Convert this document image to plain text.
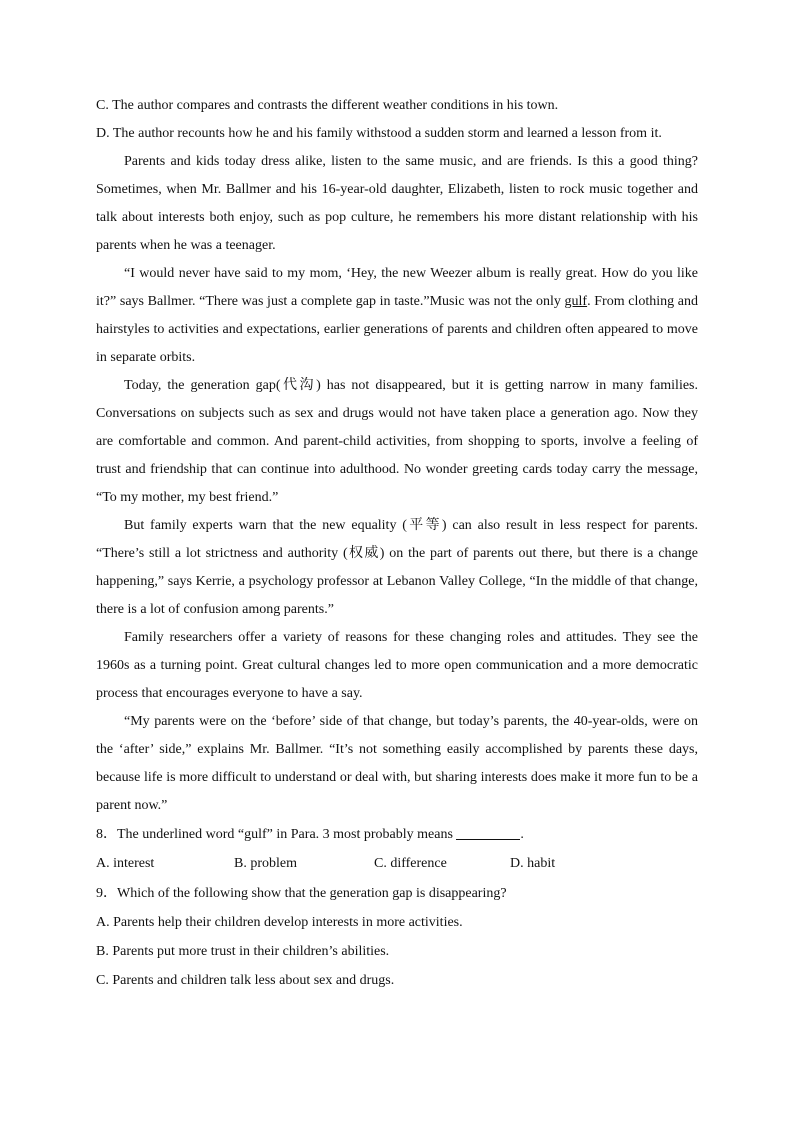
C. The author compares and contrasts the different weather conditions in his town.

D. The author recounts how he and his family withstood a sudden storm and learned a lesson from it.

Parents and kids today dress alike, listen to the same music, and are friends. Is this a good thing? Sometimes, when Mr. Ballmer and his 16-year-old daughter, Elizabeth, listen to rock music together and talk about interests both enjoy, such as pop culture, he remembers his more distant relationship with his parents when he was a teenager.

“I would never have said to my mom, ‘Hey, the new Weezer album is really great. How do you like it?” says Ballmer. “There was just a complete gap in taste.”Music was not the only gulf. From clothing and hairstyles to activities and expectations, earlier generations of parents and children often appeared to move in separate orbits.

Today, the generation gap(代沟) has not disappeared, but it is getting narrow in many families. Conversations on subjects such as sex and drugs would not have taken place a generation ago. Now they are comfortable and common. And parent-child activities, from shopping to sports, involve a feeling of trust and friendship that can continue into adulthood. No wonder greeting cards today carry the message, “To my mother, my best friend.”

But family experts warn that the new equality (平等) can also result in less respect for parents. “There’s still a lot strictness and authority (权威) on the part of parents out there, but there is a change happening,” says Kerrie, a psychology professor at Lebanon Valley College, “In the middle of that change, there is a lot of confusion among parents.”

Family researchers offer a variety of reasons for these changing roles and attitudes. They see the 1960s as a turning point. Great cultural changes led to more open communication and a more democratic process that encourages everyone to have a say.

“My parents were on the ‘before’ side of that change, but today’s parents, the 40-year-olds, were on the ‘after’ side,” explains Mr. Ballmer. “It’s not something easily accomplished by parents these days, because life is more difficult to understand or deal with, but sharing interests does make it more fun to be a parent now.”

8．The underlined word “gulf” in Para. 3 most probably means	.

A. interest	B. problem	C. difference	D. habit

9．Which of the following show that the generation gap is disappearing?

A. Parents help their children develop interests in more activities.

B. Parents put more trust in their children’s abilities.

C. Parents and children talk less about sex and drugs.
